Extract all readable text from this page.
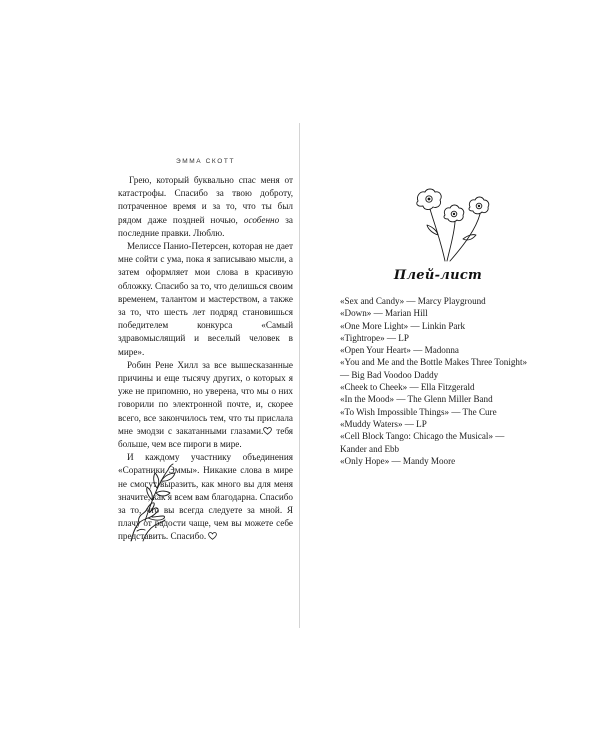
ЭММА СКОТТ

Грею, который буквально спас меня от катастрофы. Спасибо за твою доброту, потраченное время и за то, что ты был рядом даже поздней ночью, особенно за последние правки. Люблю.

Мелиссе Панио-Петерсен, которая не дает мне сойти с ума, пока я записываю мысли, а затем оформляет мои слова в красивую обложку. Спасибо за то, что делишься своим временем, талантом и мастерством, а также за то, что шесть лет подряд становишься победителем конкурса «Самый здравомыслящий и веселый человек в мире».

Робин Рене Хилл за все вышесказанные причины и еще тысячу других, о которых я уже не припомню, но уверена, что мы о них говорили по электронной почте, и, скорее всего, все закончилось тем, что ты прислала мне эмодзи с закатанными глазами. тебя больше, чем все пироги в мире.

И каждому участнику объединения «Соратники Эммы». Никакие слова в мире не смогут выразить, как много вы для меня значите, как я всем вам благодарна. Спасибо за то, что вы всегда следуете за мной. Я плачу от радости чаще, чем вы можете себе представить. Спасибо.

Плей-лист
«Sex and Candy» — Marcy Playground
«Down» — Marian Hill
«One More Light» — Linkin Park
«Tightrope» — LP
«Open Your Heart» — Madonna
«You and Me and the Bottle Makes Three Tonight» — Big Bad Voodoo Daddy
«Cheek to Cheek» — Ella Fitzgerald
«In the Mood» — The Glenn Miller Band
«To Wish Impossible Things» — The Cure
«Muddy Waters» — LP
«Cell Block Tango: Chicago the Musical» — Kander and Ebb
«Only Hope» — Mandy Moore
